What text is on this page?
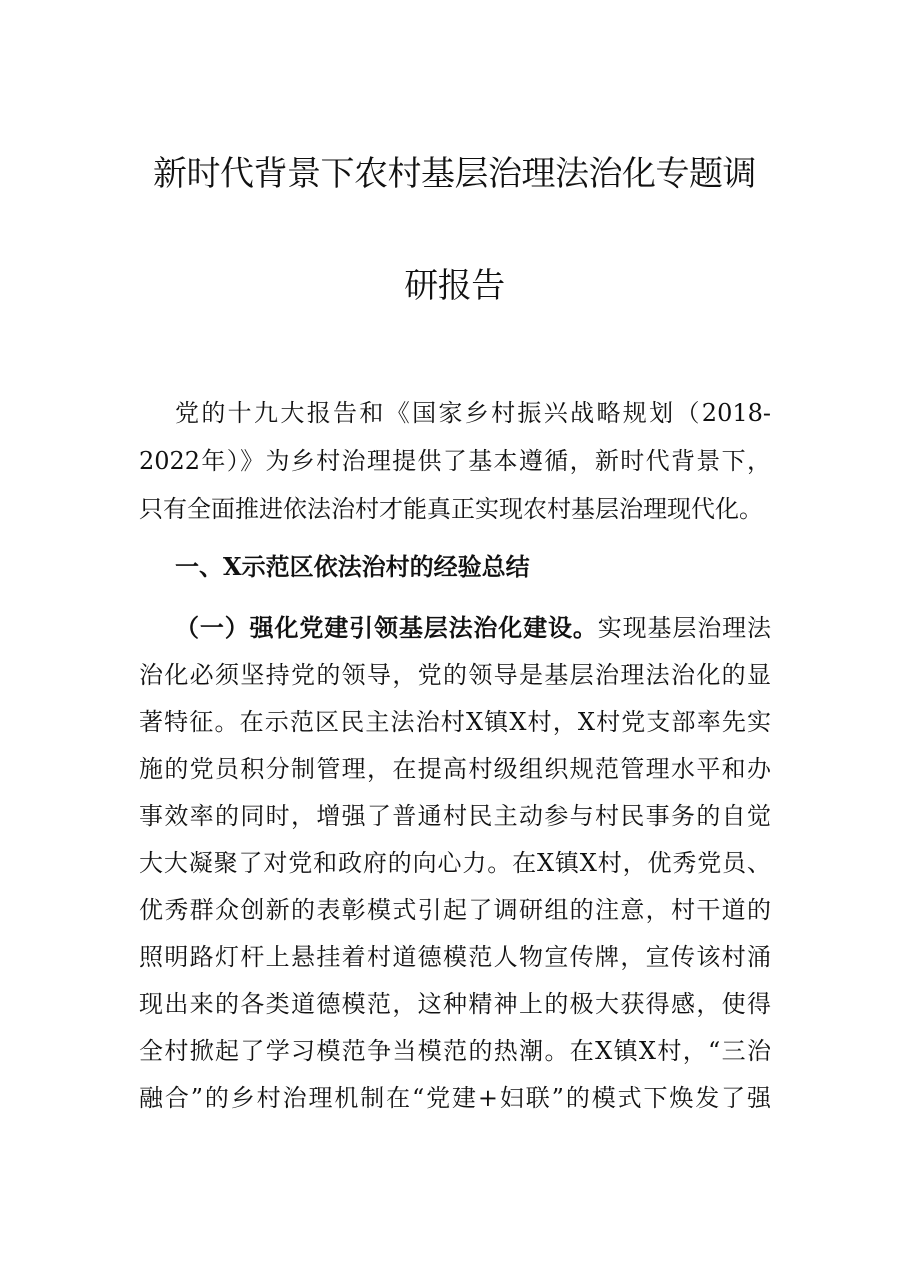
新时代背景下农村基层治理法治化专题调
研报告
党的十九大报告和《国家乡村振兴战略规划（2018-
2022年）》为乡村治理提供了基本遵循，新时代背景下，
只有全面推进依法治村才能真正实现农村基层治理现代化。
一、X示范区依法治村的经验总结
（一）强化党建引领基层法治化建设。实现基层治理法
治化必须坚持党的领导，党的领导是基层治理法治化的显
著特征。在示范区民主法治村X镇X村，X村党支部率先实
施的党员积分制管理，在提高村级组织规范管理水平和办
事效率的同时，增强了普通村民主动参与村民事务的自觉
大大凝聚了对党和政府的向心力。在X镇X村，优秀党员、
优秀群众创新的表彰模式引起了调研组的注意，村干道的
照明路灯杆上悬挂着村道德模范人物宣传牌，宣传该村涌
现出来的各类道德模范，这种精神上的极大获得感，使得
全村掀起了学习模范争当模范的热潮。在X镇X村，“三治
融合”的乡村治理机制在“党建+妇联”的模式下焕发了强
